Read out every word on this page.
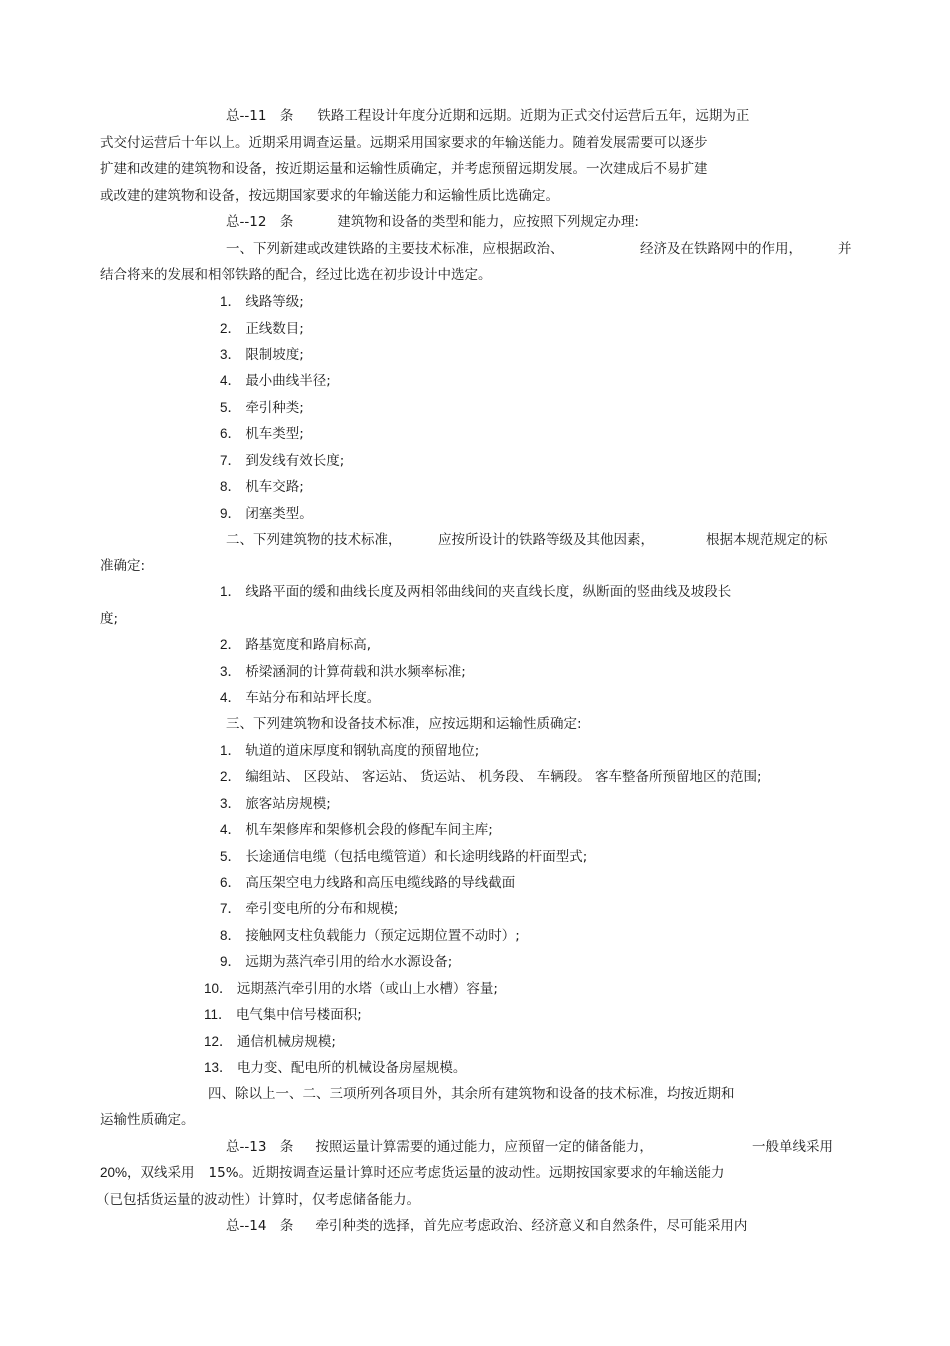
总--11　条 铁路工程设计年度分近期和远期。近期为正式交付运营后五年，远期为正
式交付运营后十年以上。近期采用调查运量。远期采用国家要求的年输送能力。随着发展需要可以逐步
扩建和改建的建筑物和设备，按近期运量和运输性质确定，并考虑预留远期发展。一次建成后不易扩建
或改建的建筑物和设备，按远期国家要求的年输送能力和运输性质比选确定。
总--12　条	建筑物和设备的类型和能力，应按照下列规定办理:
一、下列新建或改建铁路的主要技术标准，应根据政治、	经济及在铁路网中的作用，	并
结合将来的发展和相邻铁路的配合，经过比选在初步设计中选定。
1． 线路等级;
2． 正线数目;
3． 限制坡度;
4． 最小曲线半径;
5． 牵引种类;
6． 机车类型;
7． 到发线有效长度;
8． 机车交路;
9． 闭塞类型。
二、下列建筑物的技术标准，	应按所设计的铁路等级及其他因素，	根据本规范规定的标
准确定:
1． 线路平面的缓和曲线长度及两相邻曲线间的夹直线长度，纵断面的竖曲线及坡段长
度;
2． 路基宽度和路肩标高,
3． 桥梁涵洞的计算荷载和洪水频率标准;
4． 车站分布和站坪长度。
三、下列建筑物和设备技术标准，应按远期和运输性质确定:
1． 轨道的道床厚度和钢轨高度的预留地位;
2． 编组站、 区段站、 客运站、 货运站、 机务段、 车辆段。 客车整备所预留地区的范围;
3． 旅客站房规模;
4． 机车架修库和架修机会段的修配车间主库;
5． 长途通信电缆（包括电缆管道）和长途明线路的杆面型式;
6． 高压架空电力线路和高压电缆线路的导线截面
7． 牵引变电所的分布和规模;
8． 接触网支柱负载能力（预定远期位置不动时）;
9． 远期为蒸汽牵引用的给水水源设备;
10． 远期蒸汽牵引用的水塔（或山上水槽）容量;
11． 电气集中信号楼面积;
12． 通信机械房规模;
13． 电力变、配电所的机械设备房屋规模。
四、除以上一、二、三项所列各项目外，其余所有建筑物和设备的技术标准，均按近期和
运输性质确定。
总--13　条 按照运量计算需要的通过能力，应预留一定的储备能力，	一般单线采用
20%，双线采用 15%。近期按调查运量计算时还应考虑货运量的波动性。远期按国家要求的年输送能力
（已包括货运量的波动性）计算时，仅考虑储备能力。
总--14　条 牵引种类的选择，首先应考虑政治、经济意义和自然条件，尽可能采用内
